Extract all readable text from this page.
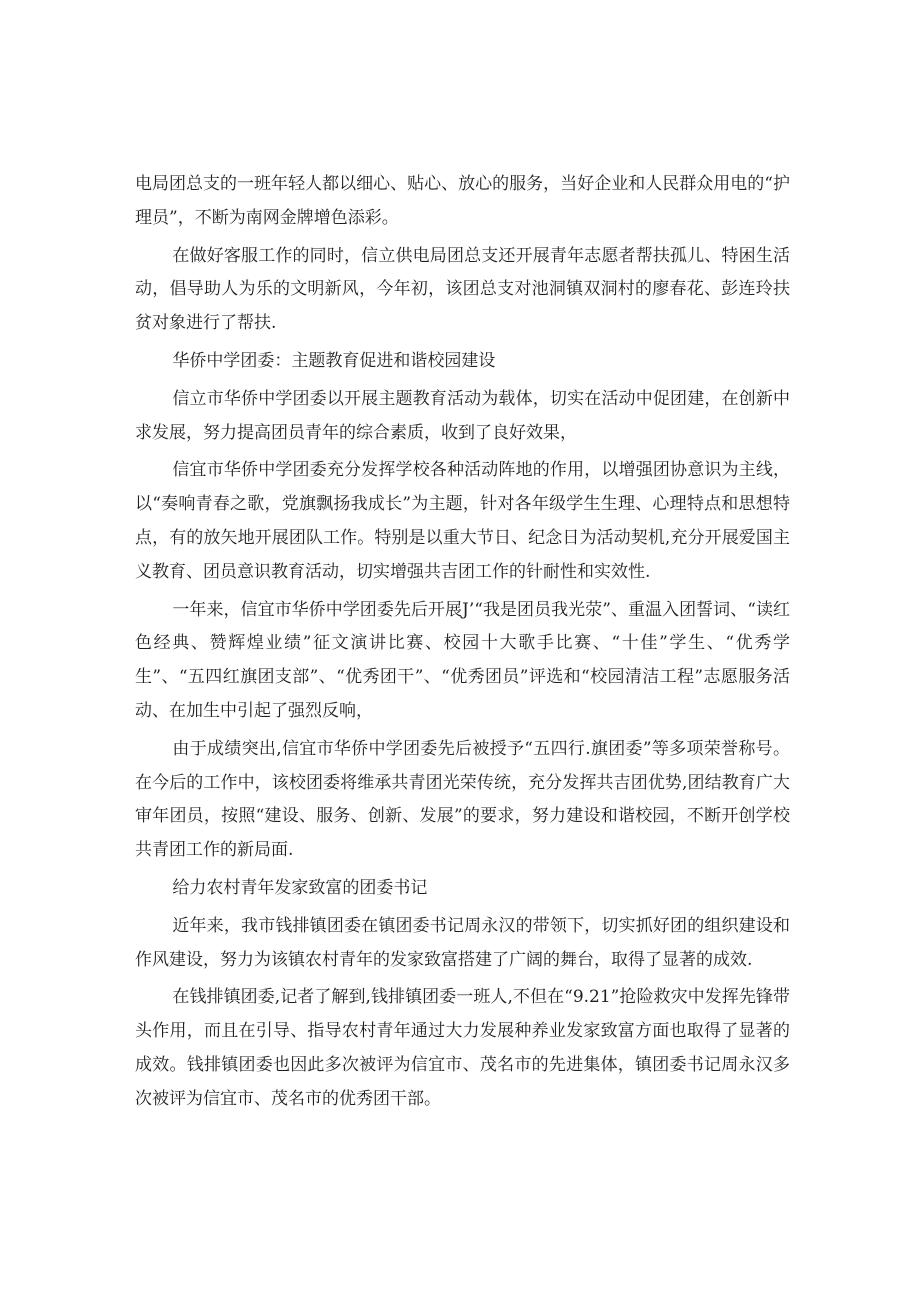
电局团总支的一班年轻人都以细心、贴心、放心的服务，当好企业和人民群众用电的“护理员”，不断为南网金牌增色添彩。

在做好客服工作的同时，信立供电局团总支还开展青年志愿者帮扶孤儿、特困生活动，倡导助人为乐的文明新风，今年初，该团总支对池洞镇双洞村的廖春花、彭连玲扶贫对象进行了帮扶.

华侨中学团委：主题教育促进和谐校园建设

信立市华侨中学团委以开展主题教育活动为载体，切实在活动中促团建，在创新中求发展，努力提高团员青年的综合素质，收到了良好效果，

信宜市华侨中学团委充分发挥学校各种活动阵地的作用，以增强团协意识为主线，以“奏响青春之歌，党旗飘扬我成长”为主题，针对各年级学生生理、心理特点和思想特点，有的放矢地开展团队工作。特别是以重大节日、纪念日为活动契机,充分开展爱国主义教育、团员意识教育活动，切实增强共吉团工作的针耐性和实效性.

一年来，信宜市华侨中学团委先后开展J’“我是团员我光荥”、重温入团誓词、“读红色经典、赞辉煌业绩”征文演讲比赛、校园十大歌手比赛、“十佳”学生、“优秀学生”、“五四红旗团支部”、“优秀团干”、“优秀团员”评选和“校园清洁工程”志愿服务活动、在加生中引起了强烈反响，

由于成绩突出,信宜市华侨中学团委先后被授予“五四行.旗团委”等多项荣誉称号。在今后的工作中，该校团委将维承共青团光荣传统，充分发挥共吉团优势,团结教育广大审年团员，按照“建设、服务、创新、发展”的要求，努力建设和谐校园，不断开创学校共青团工作的新局面.

给力农村青年发家致富的团委书记

近年来，我市钱排镇团委在镇团委书记周永汉的带领下，切实抓好团的组织建设和作风建设，努力为该镇农村青年的发家致富搭建了广阔的舞台，取得了显著的成效.

在钱排镇团委,记者了解到,钱排镇团委一班人,不但在“9.21”抢险救灾中发挥先锋带头作用，而且在引导、指导农村青年通过大力发展种养业发家致富方面也取得了显著的成效。钱排镇团委也因此多次被评为信宜市、茂名市的先进集体，镇团委书记周永汉多次被评为信宜市、茂名市的优秀团干部。
